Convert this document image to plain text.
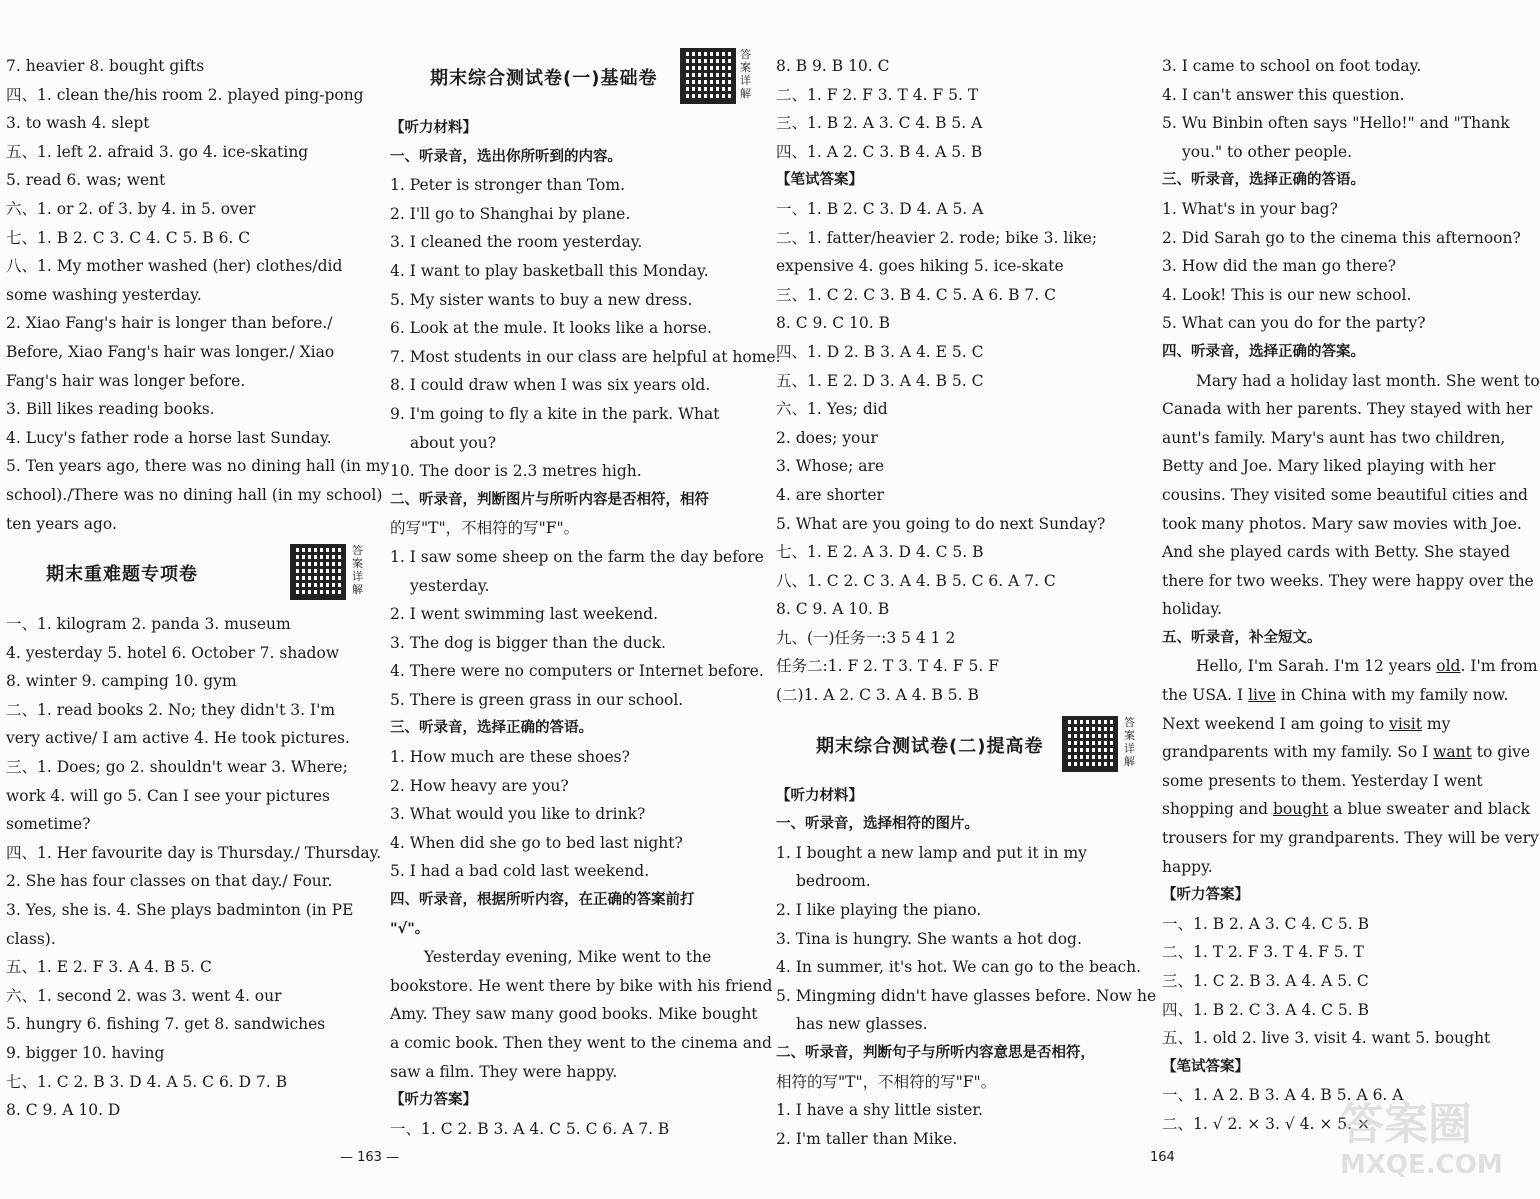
7. heavier 8. bought gifts
四、1. clean the/his room 2. played ping-pong
3. to wash 4. slept
五、1. left 2. afraid 3. go 4. ice-skating
5. read 6. was; went
六、1. or 2. of 3. by 4. in 5. over
七、1. B 2. C 3. C 4. C 5. B 6. C
八、1. My mother washed (her) clothes/did
some washing yesterday.
2. Xiao Fang's hair is longer than before./
Before, Xiao Fang's hair was longer./ Xiao
Fang's hair was longer before.
3. Bill likes reading books.
4. Lucy's father rode a horse last Sunday.
5. Ten years ago, there was no dining hall (in my
school)./There was no dining hall (in my school)
ten years ago.
期末重难题专项卷
答案详解
一、1. kilogram 2. panda 3. museum
4. yesterday 5. hotel 6. October 7. shadow
8. winter 9. camping 10. gym
二、1. read books 2. No; they didn't 3. I'm
very active/ I am active 4. He took pictures.
三、1. Does; go 2. shouldn't wear 3. Where;
work 4. will go 5. Can I see your pictures
sometime?
四、1. Her favourite day is Thursday./ Thursday.
2. She has four classes on that day./ Four.
3. Yes, she is. 4. She plays badminton (in PE
class).
五、1. E 2. F 3. A 4. B 5. C
六、1. second 2. was 3. went 4. our
5. hungry 6. fishing 7. get 8. sandwiches
9. bigger 10. having
七、1. C 2. B 3. D 4. A 5. C 6. D 7. B
8. C 9. A 10. D
期末综合测试卷(一)基础卷
答案详解
【听力材料】
一、听录音，选出你所听到的内容。
1. Peter is stronger than Tom.
2. I'll go to Shanghai by plane.
3. I cleaned the room yesterday.
4. I want to play basketball this Monday.
5. My sister wants to buy a new dress.
6. Look at the mule. It looks like a horse.
7. Most students in our class are helpful at home.
8. I could draw when I was six years old.
9. I'm going to fly a kite in the park. What
about you?
10. The door is 2.3 metres high.
二、听录音，判断图片与所听内容是否相符，相符
的写"T"，不相符的写"F"。
1. I saw some sheep on the farm the day before
yesterday.
2. I went swimming last weekend.
3. The dog is bigger than the duck.
4. There were no computers or Internet before.
5. There is green grass in our school.
三、听录音，选择正确的答语。
1. How much are these shoes?
2. How heavy are you?
3. What would you like to drink?
4. When did she go to bed last night?
5. I had a bad cold last weekend.
四、听录音，根据所听内容，在正确的答案前打
"√"。
Yesterday evening, Mike went to the
bookstore. He went there by bike with his friend
Amy. They saw many good books. Mike bought
a comic book. Then they went to the cinema and
saw a film. They were happy.
【听力答案】
一、1. C 2. B 3. A 4. C 5. C 6. A 7. B
8. B 9. B 10. C
二、1. F 2. F 3. T 4. F 5. T
三、1. B 2. A 3. C 4. B 5. A
四、1. A 2. C 3. B 4. A 5. B
【笔试答案】
一、1. B 2. C 3. D 4. A 5. A
二、1. fatter/heavier 2. rode; bike 3. like;
expensive 4. goes hiking 5. ice-skate
三、1. C 2. C 3. B 4. C 5. A 6. B 7. C
8. C 9. C 10. B
四、1. D 2. B 3. A 4. E 5. C
五、1. E 2. D 3. A 4. B 5. C
六、1. Yes; did
2. does; your
3. Whose; are
4. are shorter
5. What are you going to do next Sunday?
七、1. E 2. A 3. D 4. C 5. B
八、1. C 2. C 3. A 4. B 5. C 6. A 7. C
8. C 9. A 10. B
九、(一)任务一:3 5 4 1 2
任务二:1. F 2. T 3. T 4. F 5. F
(二)1. A 2. C 3. A 4. B 5. B
期末综合测试卷(二)提高卷
答案详解
【听力材料】
一、听录音，选择相符的图片。
1. I bought a new lamp and put it in my
bedroom.
2. I like playing the piano.
3. Tina is hungry. She wants a hot dog.
4. In summer, it's hot. We can go to the beach.
5. Mingming didn't have glasses before. Now he
has new glasses.
二、听录音，判断句子与所听内容意思是否相符，
相符的写"T"，不相符的写"F"。
1. I have a shy little sister.
2. I'm taller than Mike.
3. I came to school on foot today.
4. I can't answer this question.
5. Wu Binbin often says "Hello!" and "Thank
you." to other people.
三、听录音，选择正确的答语。
1. What's in your bag?
2. Did Sarah go to the cinema this afternoon?
3. How did the man go there?
4. Look! This is our new school.
5. What can you do for the party?
四、听录音，选择正确的答案。
Mary had a holiday last month. She went to
Canada with her parents. They stayed with her
aunt's family. Mary's aunt has two children,
Betty and Joe. Mary liked playing with her
cousins. They visited some beautiful cities and
took many photos. Mary saw movies with Joe.
And she played cards with Betty. She stayed
there for two weeks. They were happy over the
holiday.
五、听录音，补全短文。
Hello, I'm Sarah. I'm 12 years old. I'm from
the USA. I live in China with my family now.
Next weekend I am going to visit my
grandparents with my family. So I want to give
some presents to them. Yesterday I went
shopping and bought a blue sweater and black
trousers for my grandparents. They will be very
happy.
【听力答案】
一、1. B 2. A 3. C 4. C 5. B
二、1. T 2. F 3. T 4. F 5. T
三、1. C 2. B 3. A 4. A 5. C
四、1. B 2. C 3. A 4. C 5. B
五、1. old 2. live 3. visit 4. want 5. bought
【笔试答案】
一、1. A 2. B 3. A 4. B 5. A 6. A
二、1. √ 2. × 3. √ 4. × 5. ×
— 163 —	164
答案圈
MXQE.COM
